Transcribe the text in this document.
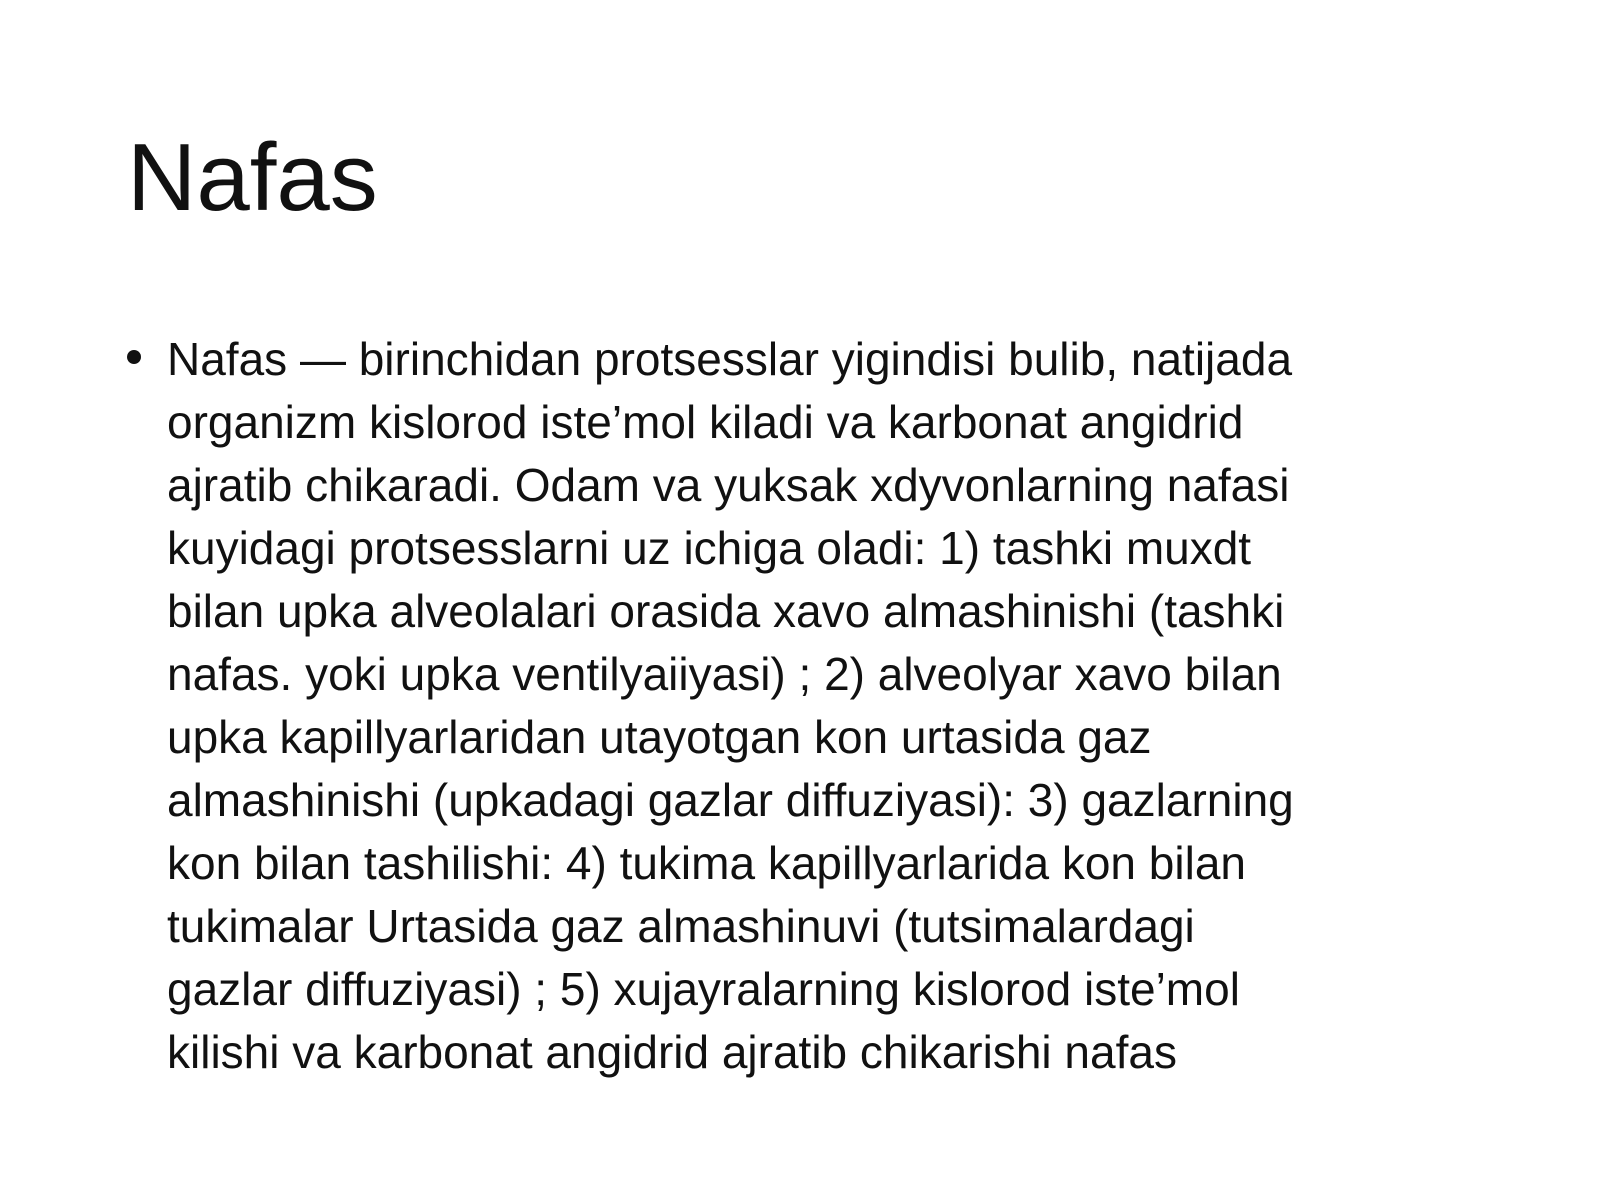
Nafas
Nafas — birinchidan protsesslar yigindisi bulib, natijada
organizm kislorod iste’mol kiladi va karbonat angidrid
ajratib chikaradi. Odam va yuksak xdyvonlarning nafasi
kuyidagi protsesslarni uz ichiga oladi: 1) tashki muxdt
bilan upka alveolalari orasida xavo almashinishi (tashki
nafas. yoki upka ventilyaiiyasi) ; 2) alveolyar xavo bilan
upka kapillyarlaridan utayotgan kon urtasida gaz
almashinishi (upkadagi gazlar diffuziyasi): 3) gazlarning
kon bilan tashilishi: 4) tukima kapillyarlarida kon bilan
tukimalar Urtasida gaz almashinuvi (tutsimalardagi
gazlar diffuziyasi) ; 5) xujayralarning kislorod iste’mol
kilishi va karbonat angidrid ajratib chikarishi nafas
